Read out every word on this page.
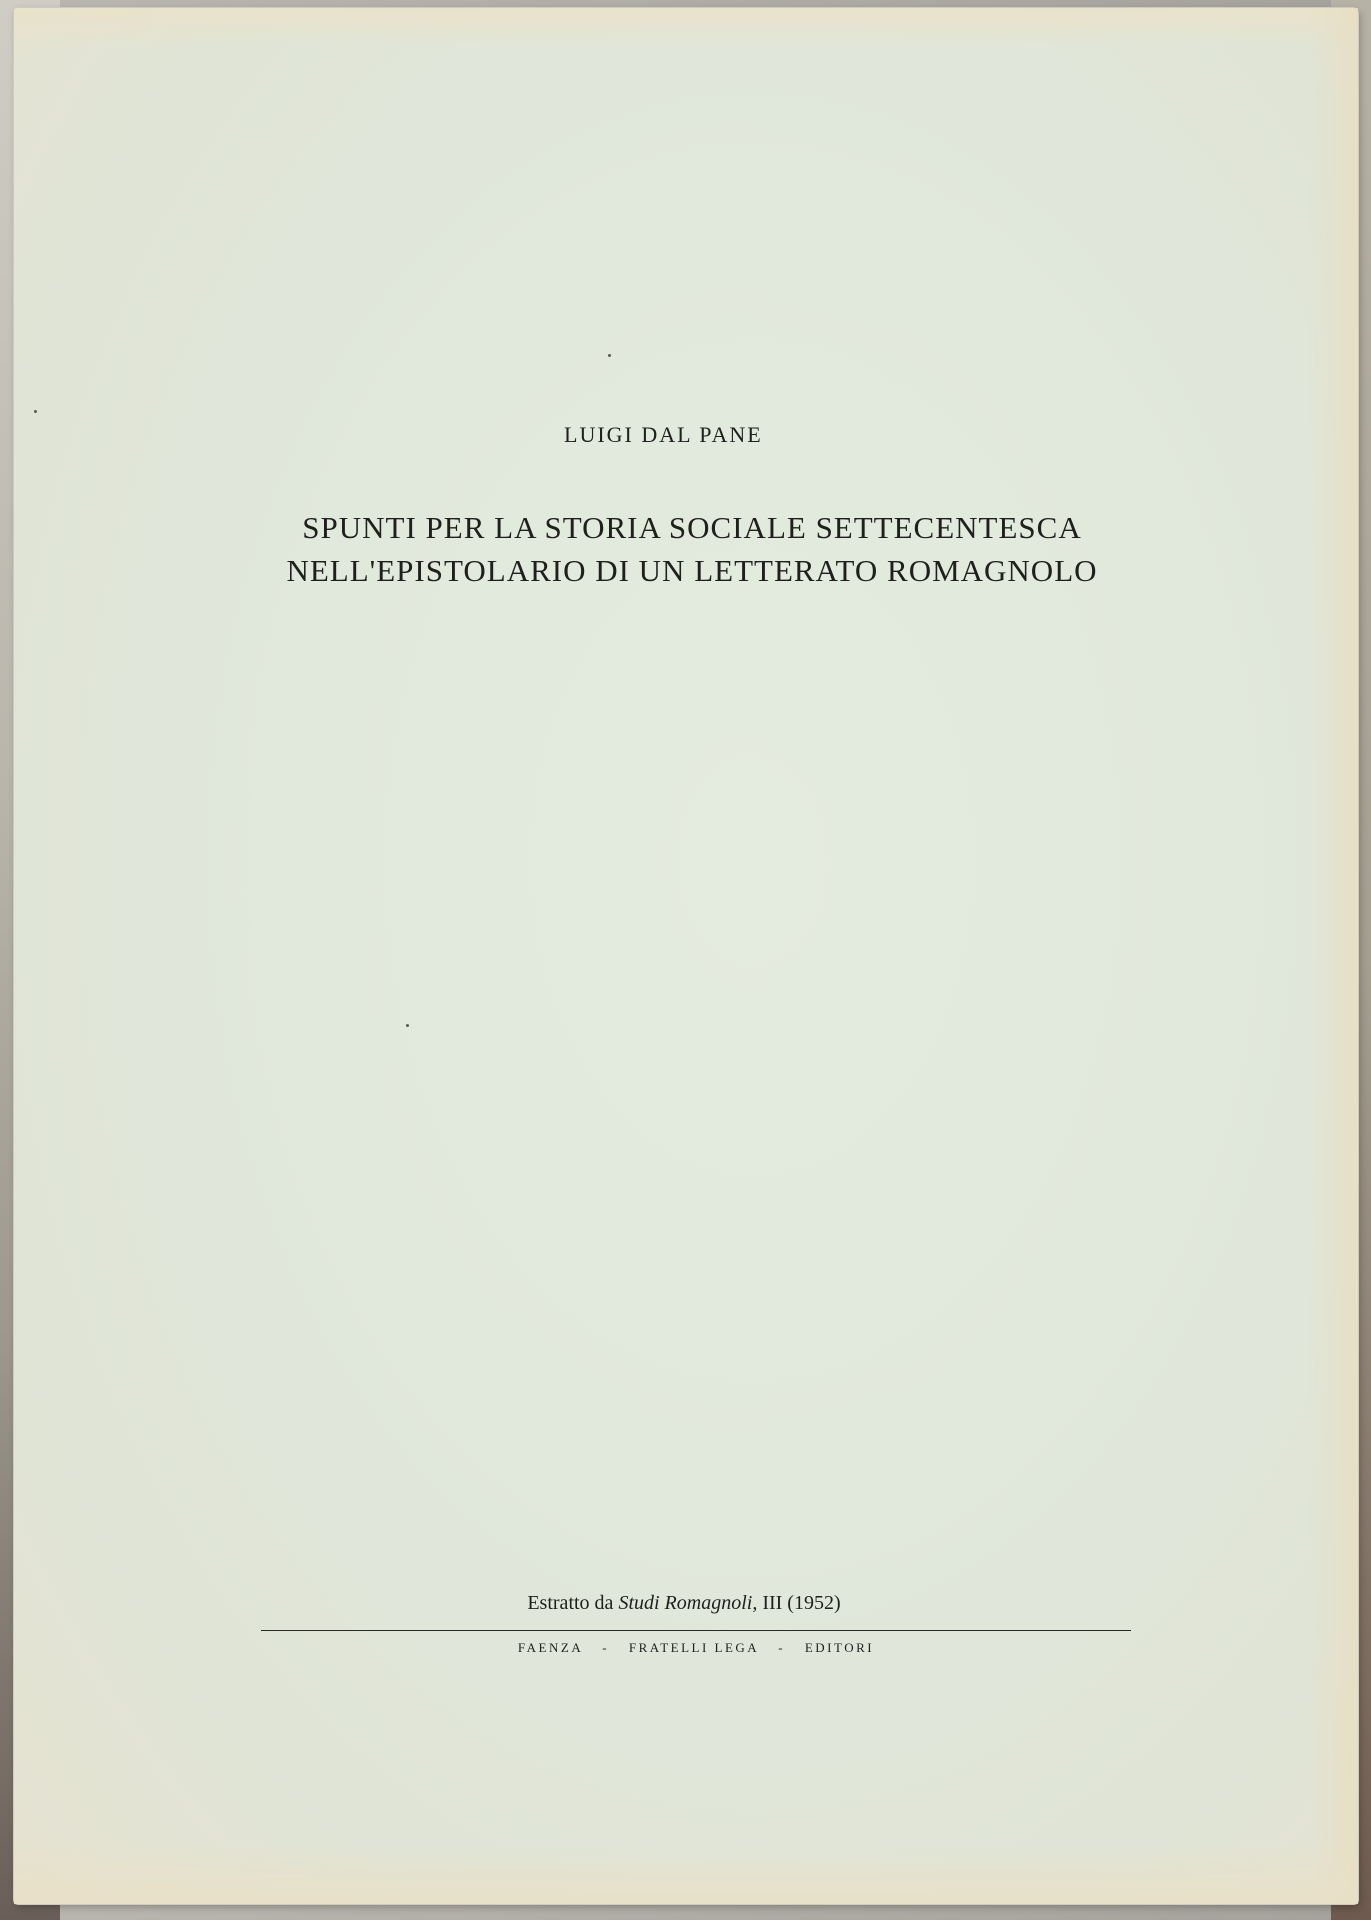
LUIGI DAL PANE
SPUNTI PER LA STORIA SOCIALE SETTECENTESCA
NELL'EPISTOLARIO DI UN LETTERATO ROMAGNOLO
Estratto da Studi Romagnoli, III (1952)
FAENZA - FRATELLI LEGA - EDITORI
